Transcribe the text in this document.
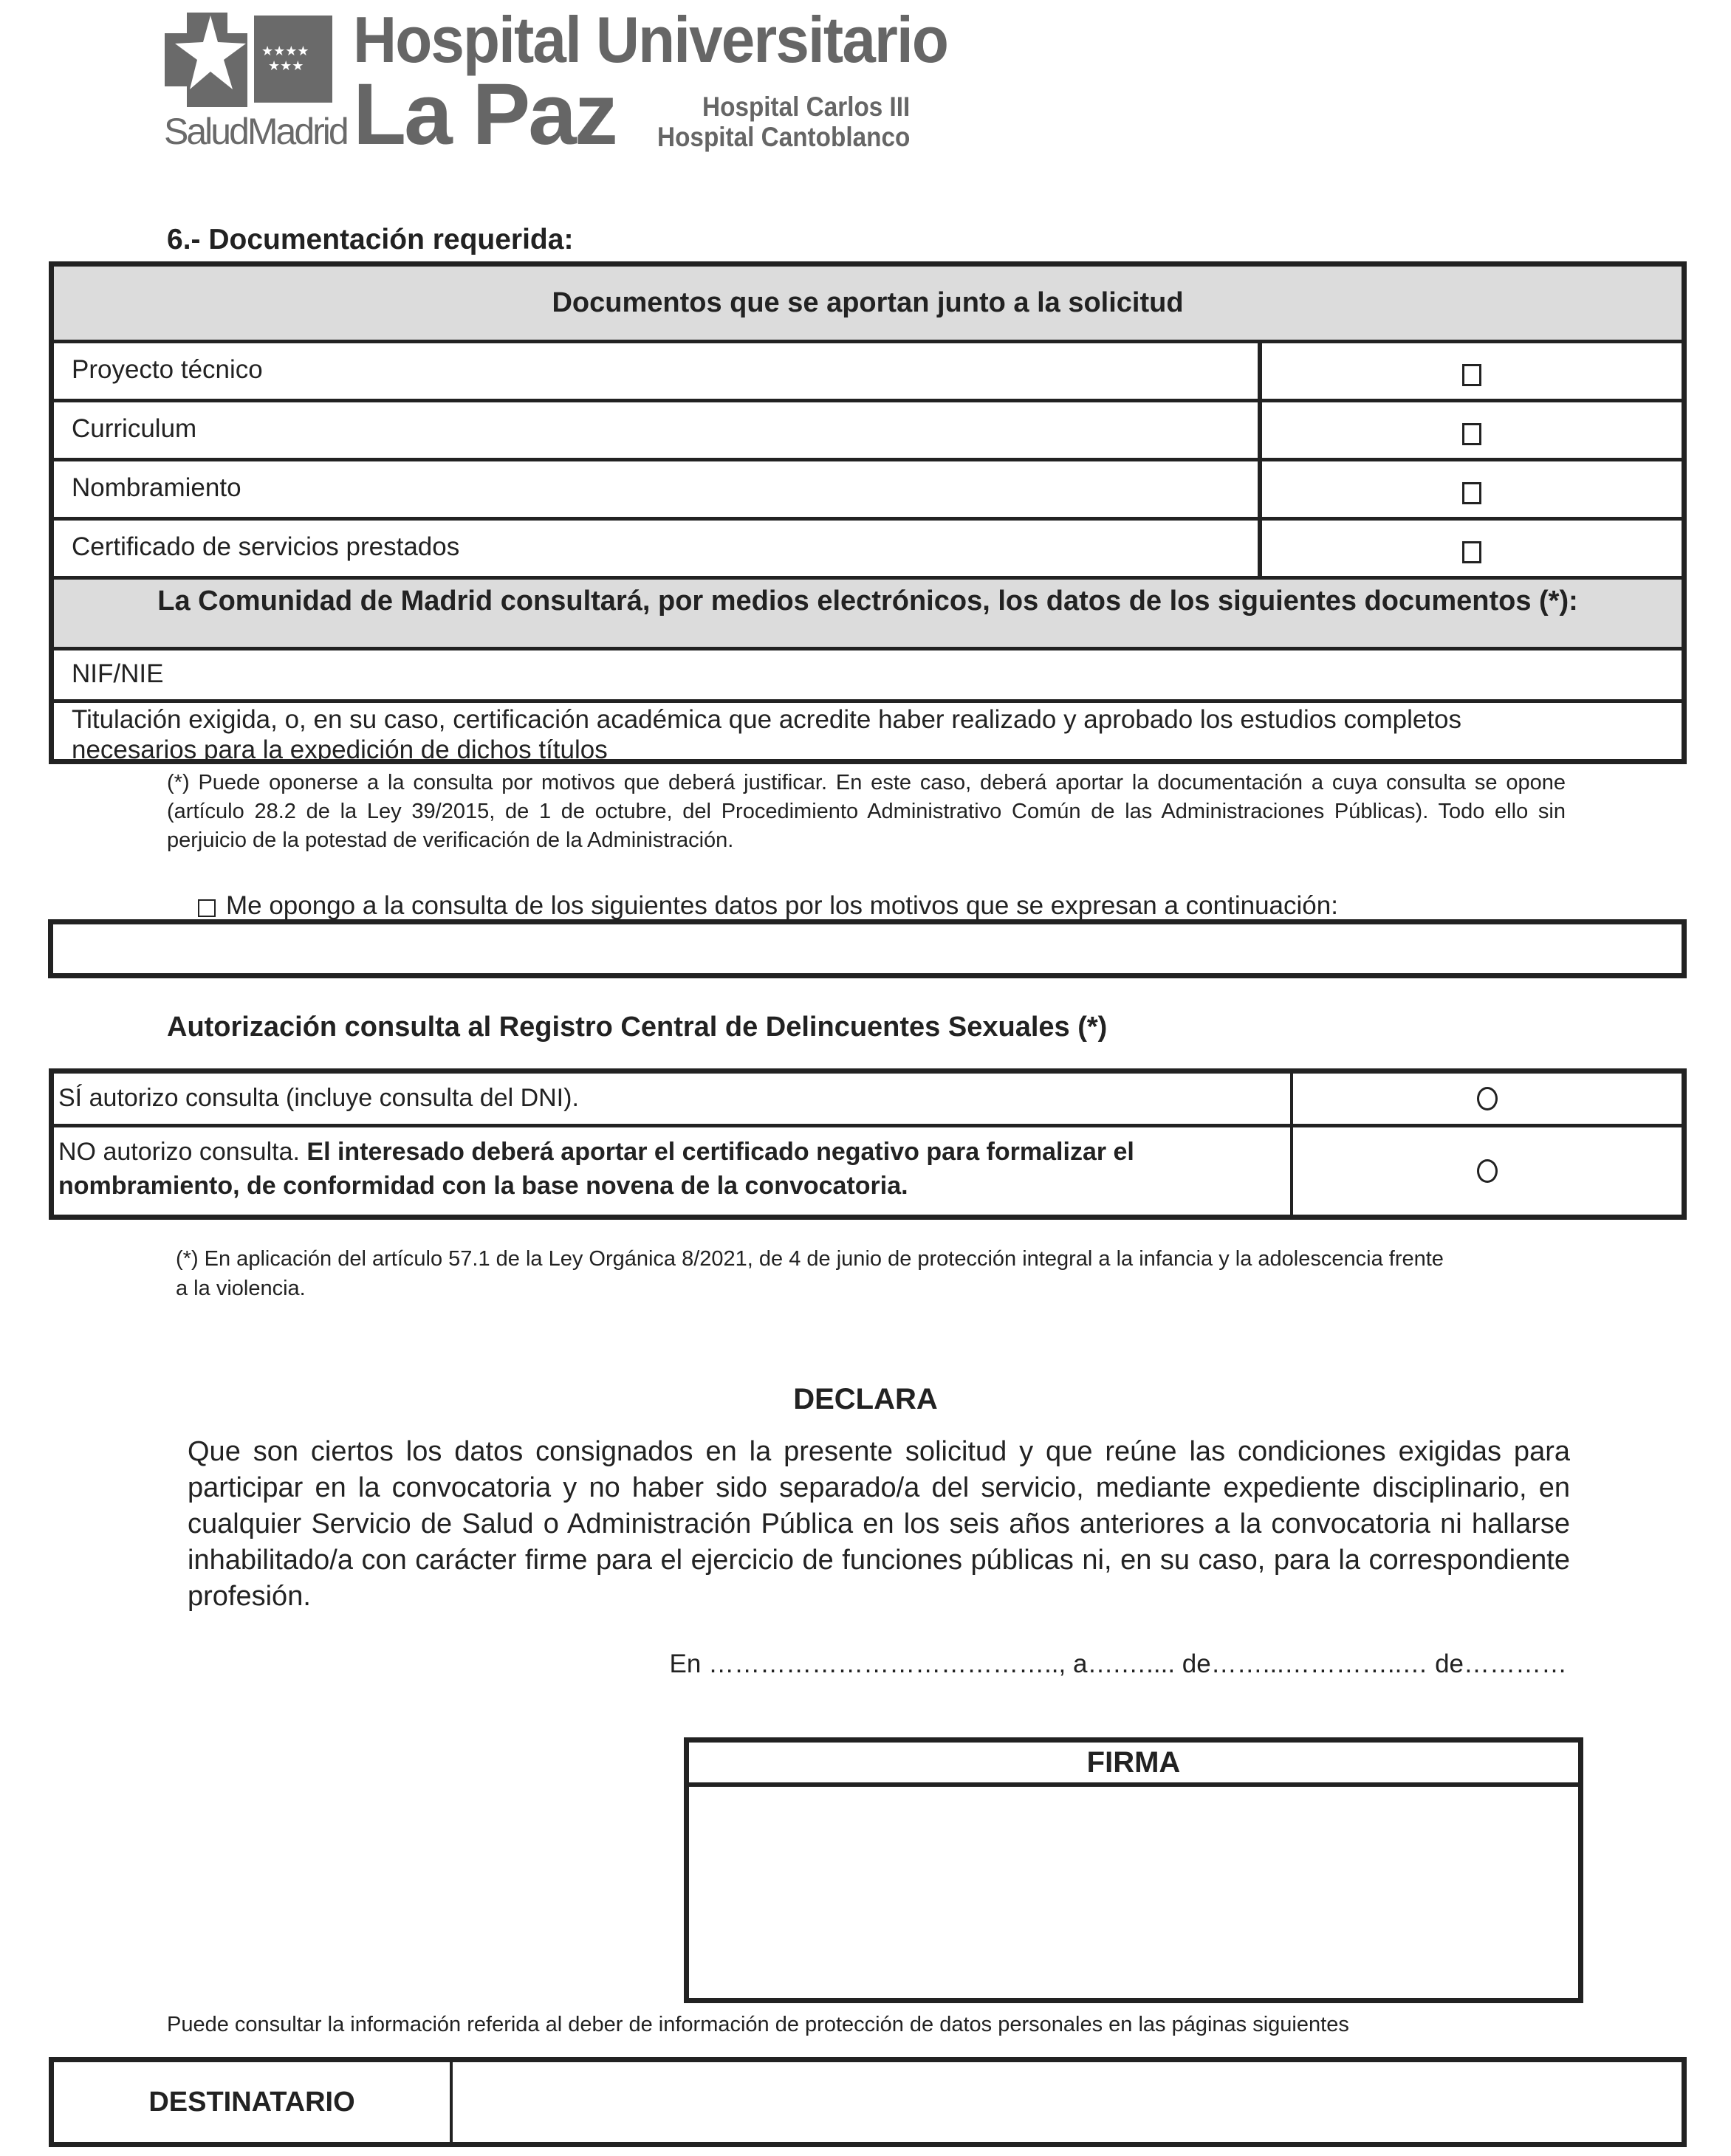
★★★★
★★★
SaludMadrid
Hospital Universitario
La Paz	Hospital Carlos III
Hospital Cantoblanco
6.- Documentación requerida:
Documentos que se aportan junto a la solicitud
Proyecto técnico
Curriculum
Nombramiento
Certificado de servicios prestados
La Comunidad de Madrid consultará, por medios electrónicos, los datos de los siguientes documentos (*):
NIF/NIE
Titulación exigida, o, en su caso, certificación académica que acredite haber realizado y aprobado los estudios completos necesarios para la expedición de dichos títulos
(*) Puede oponerse a la consulta por motivos que deberá justificar. En este caso, deberá aportar la documentación a cuya consulta se opone (artículo 28.2 de la Ley 39/2015, de 1 de octubre, del Procedimiento Administrativo Común de las Administraciones Públicas). Todo ello sin perjuicio de la potestad de verificación de la Administración.
Me opongo a la consulta de los siguientes datos por los motivos que se expresan a continuación:
Autorización consulta al Registro Central de Delincuentes Sexuales (*)
SÍ autorizo consulta (incluye consulta del DNI).
NO autorizo consulta. El interesado deberá aportar el certificado negativo para formalizar el nombramiento, de conformidad con la base novena de la convocatoria.
(*) En aplicación del artículo 57.1 de la Ley Orgánica 8/2021, de 4 de junio de protección integral a la infancia y la adolescencia frente a la violencia.
DECLARA
Que son ciertos los datos consignados en la presente solicitud y que reúne las condiciones exigidas para participar en la convocatoria y no haber sido separado/a del servicio, mediante expediente disciplinario, en cualquier Servicio de Salud o Administración Pública en los seis años anteriores a la convocatoria ni hallarse inhabilitado/a con carácter firme para el ejercicio de funciones públicas ni, en su caso, para la correspondiente profesión.
En ………………………………….., a….….... de……...…………..… de…………
FIRMA
Puede consultar la información referida al deber de información de protección de datos personales en las páginas siguientes
DESTINATARIO
